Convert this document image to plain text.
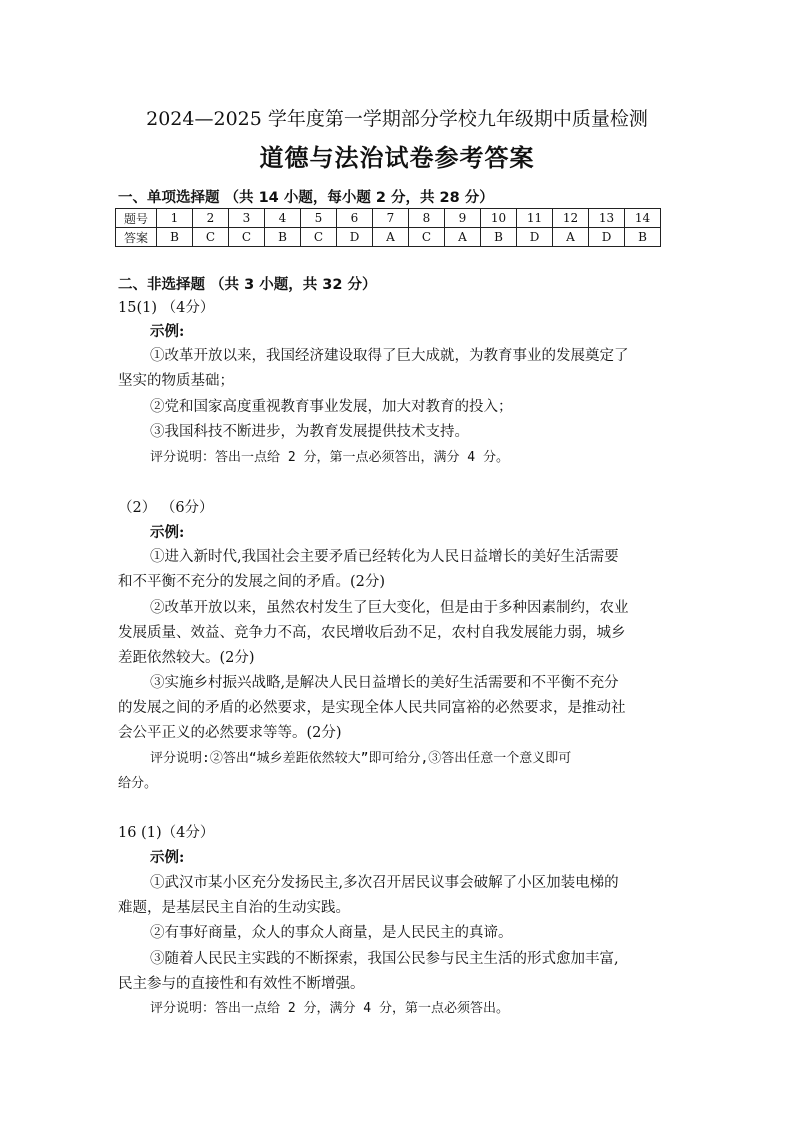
2024—2025 学年度第一学期部分学校九年级期中质量检测
道德与法治试卷参考答案
一、单项选择题 （共 14 小题，每小题 2 分，共 28 分）
题号	1	2	3	4	5	6	7	8	9	10	11	12	13	14
答案	B	C	C	B	C	D	A	C	A	B	D	A	D	B
二、非选择题 （共 3 小题，共 32 分）
15(1) （4分）
示例:
①改革开放以来，我国经济建设取得了巨大成就，为教育事业的发展奠定了
坚实的物质基础；
②党和国家高度重视教育事业发展，加大对教育的投入；
③我国科技不断进步，为教育发展提供技术支持。
评分说明：答出一点给 2 分，第一点必须答出，满分 4 分。
（2） （6分）
示例:
①进入新时代,我国社会主要矛盾已经转化为人民日益增长的美好生活需要
和不平衡不充分的发展之间的矛盾。(2分)
②改革开放以来，虽然农村发生了巨大变化，但是由于多种因素制约，农业
发展质量、效益、竞争力不高，农民增收后劲不足，农村自我发展能力弱，城乡
差距依然较大。(2分)
③实施乡村振兴战略,是解决人民日益增长的美好生活需要和不平衡不充分
的发展之间的矛盾的必然要求，是实现全体人民共同富裕的必然要求，是推动社
会公平正义的必然要求等等。(2分)
评分说明:②答出“城乡差距依然较大”即可给分,③答出任意一个意义即可
给分。
16 (1)（4分）
示例:
①武汉市某小区充分发扬民主,多次召开居民议事会破解了小区加装电梯的
难题，是基层民主自治的生动实践。
②有事好商量，众人的事众人商量，是人民民主的真谛。
③随着人民民主实践的不断探索，我国公民参与民主生活的形式愈加丰富,
民主参与的直接性和有效性不断增强。
评分说明：答出一点给 2 分，满分 4 分，第一点必须答出。
